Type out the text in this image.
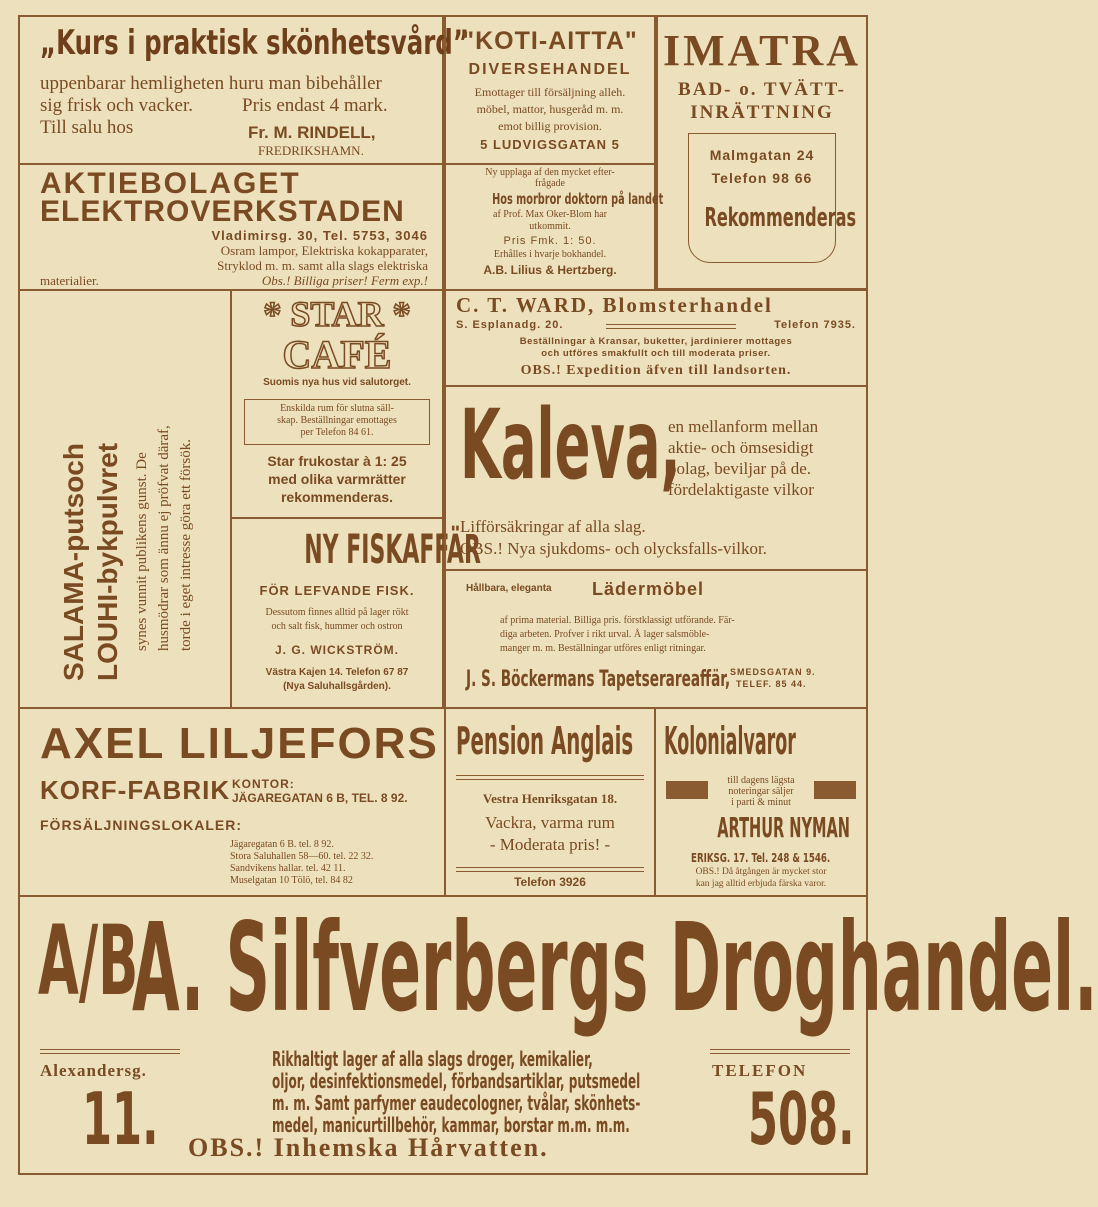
„Kurs i praktisk skönhetsvård”
uppenbarar hemligheten huru man bibehåller
sig frisk och vacker.	Pris endast 4 mark.
Till salu hos	Fr. M. RINDELL,
FREDRIKSHAMN.
"KOTI-AITTA"
DIVERSEHANDEL
Emottager till försäljning alleh.
möbel, mattor, husgeråd m. m.
emot billig provision.
5 LUDVIGSGATAN 5
IMATRA
BAD- o. TVÄTT-
INRÄTTNING
Malmgatan 24
Telefon 98 66
Rekommenderas
AKTIEBOLAGET
ELEKTROVERKSTADEN
Vladimirsg. 30, Tel. 5753, 3046
Osram lampor, Elektriska kokapparater,
Stryklod m. m. samt alla slags elektriska
materialier.	Obs.! Billiga priser! Ferm exp.!
Ny upplaga af den mycket efter-
frågade
Hos morbror doktorn på landet
af Prof. Max Oker-Blom har
utkommit.
Pris Fmk. 1: 50.
Erhålles i hvarje bokhandel.
A.B. Lilius & Hertzberg.
SALAMA-putsoch LOUHI-bykpulvret synes vunnit publikens gunst. De husmödrar som ännu ej pröfvat däraf, torde i eget intresse göra ett försök.
* STAR *
CAFÉ
Suomis nya hus vid salutorget.
Enskilda rum för slutna säll-
skap. Beställningar emottages
per Telefon 84 61.
Star frukostar à 1: 25
med olika varmrätter
rekommenderas.
NY FISKAFFÄR
FÖR LEFVANDE FISK.
Dessutom finnes alltid på lager rökt
och salt fisk, hummer och ostron
J. G. WICKSTRÖM.
Västra Kajen 14. Telefon 67 87
(Nya Saluhallsgården).
C. T. WARD, Blomsterhandel
S. Esplanadg. 20.	Telefon 7935.
Beställningar à Kransar, buketter, jardinierer mottages
och utföres smakfullt och till moderata priser.
OBS.! Expedition äfven till landsorten.
Kaleva,
en mellanform mellan
aktie- och ömsesidigt
bolag, beviljar på de.
fördelaktigaste vilkor
Lifförsäkringar af alla slag.
OBS.! Nya sjukdoms- och olycksfalls-vilkor.
Hållbara, eleganta Lädermöbel
af prima material. Billiga pris. förstklassigt utförande. Fär-
diga arbeten. Profver i rikt urval. Å lager salsmöble-
manger m. m. Beställningar utföres enligt ritningar.
J. S. Böckermans Tapetserareaffär, SMEDSGATAN 9.
TELEF. 85 44.
AXEL LILJEFORS
KORF-FABRIK KONTOR:
JÄGAREGATAN 6 B, TEL. 8 92.
FÖRSÄLJNINGSLOKALER:
Jägaregatan 6 B. tel. 8 92.
Stora Saluhallen 58—60. tel. 22 32.
Sandvikens hallar. tel. 42 11.
Muselgatan 10 Tölö, tel. 84 82
Pension Anglais
Vestra Henriksgatan 18.
Vackra, varma rum
- Moderata pris! -
Telefon 3926
Kolonialvaror
till dagens lägsta
noteringar säljer
i parti & minut
ARTHUR NYMAN
ERIKSG. 17. Tel. 248 & 1546.
OBS.! Då åtgången är mycket stor
kan jag alltid erbjuda färska varor.
A/B
A. Silfverbergs Droghandel.
Alexandersg.
11.
TELEFON
508.
Rikhaltigt lager af alla slags droger, kemikalier,
oljor, desinfektionsmedel, förbandsartiklar, putsmedel
m. m. Samt parfymer eaudecologner, tvålar, skönhets-
medel, manicurtillbehör, kammar, borstar m.m. m.m.
OBS.! Inhemska Hårvatten.
